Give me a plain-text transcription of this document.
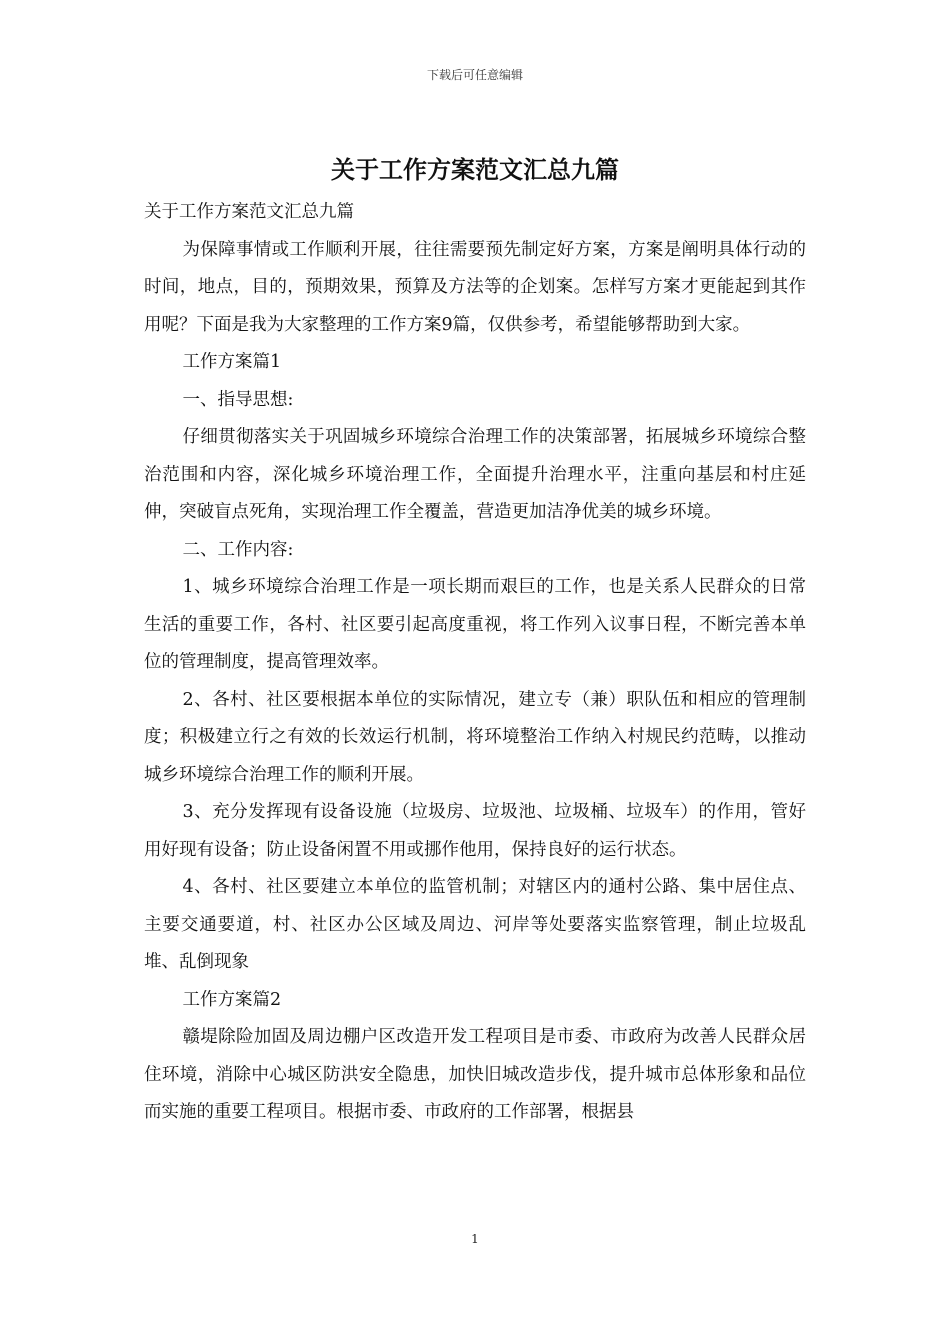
下载后可任意编辑
关于工作方案范文汇总九篇

关于工作方案范文汇总九篇

为保障事情或工作顺利开展，往往需要预先制定好方案，方案是阐明具体行动的时间，地点，目的，预期效果，预算及方法等的企划案。怎样写方案才更能起到其作用呢？下面是我为大家整理的工作方案9篇，仅供参考，希望能够帮助到大家。

工作方案篇1

一、指导思想:

仔细贯彻落实关于巩固城乡环境综合治理工作的决策部署，拓展城乡环境综合整治范围和内容，深化城乡环境治理工作，全面提升治理水平，注重向基层和村庄延伸，突破盲点死角，实现治理工作全覆盖，营造更加洁净优美的城乡环境。

二、工作内容:

1、城乡环境综合治理工作是一项长期而艰巨的工作，也是关系人民群众的日常生活的重要工作，各村、社区要引起高度重视，将工作列入议事日程，不断完善本单位的管理制度，提高管理效率。

2、各村、社区要根据本单位的实际情况，建立专（兼）职队伍和相应的管理制度；积极建立行之有效的长效运行机制，将环境整治工作纳入村规民约范畴，以推动城乡环境综合治理工作的顺利开展。

3、充分发挥现有设备设施（垃圾房、垃圾池、垃圾桶、垃圾车）的作用，管好用好现有设备；防止设备闲置不用或挪作他用，保持良好的运行状态。

4、各村、社区要建立本单位的监管机制；对辖区内的通村公路、集中居住点、主要交通要道，村、社区办公区域及周边、河岸等处要落实监察管理，制止垃圾乱堆、乱倒现象

工作方案篇2

赣堤除险加固及周边棚户区改造开发工程项目是市委、市政府为改善人民群众居住环境，消除中心城区防洪安全隐患，加快旧城改造步伐，提升城市总体形象和品位而实施的重要工程项目。根据市委、市政府的工作部署，根据县

1
